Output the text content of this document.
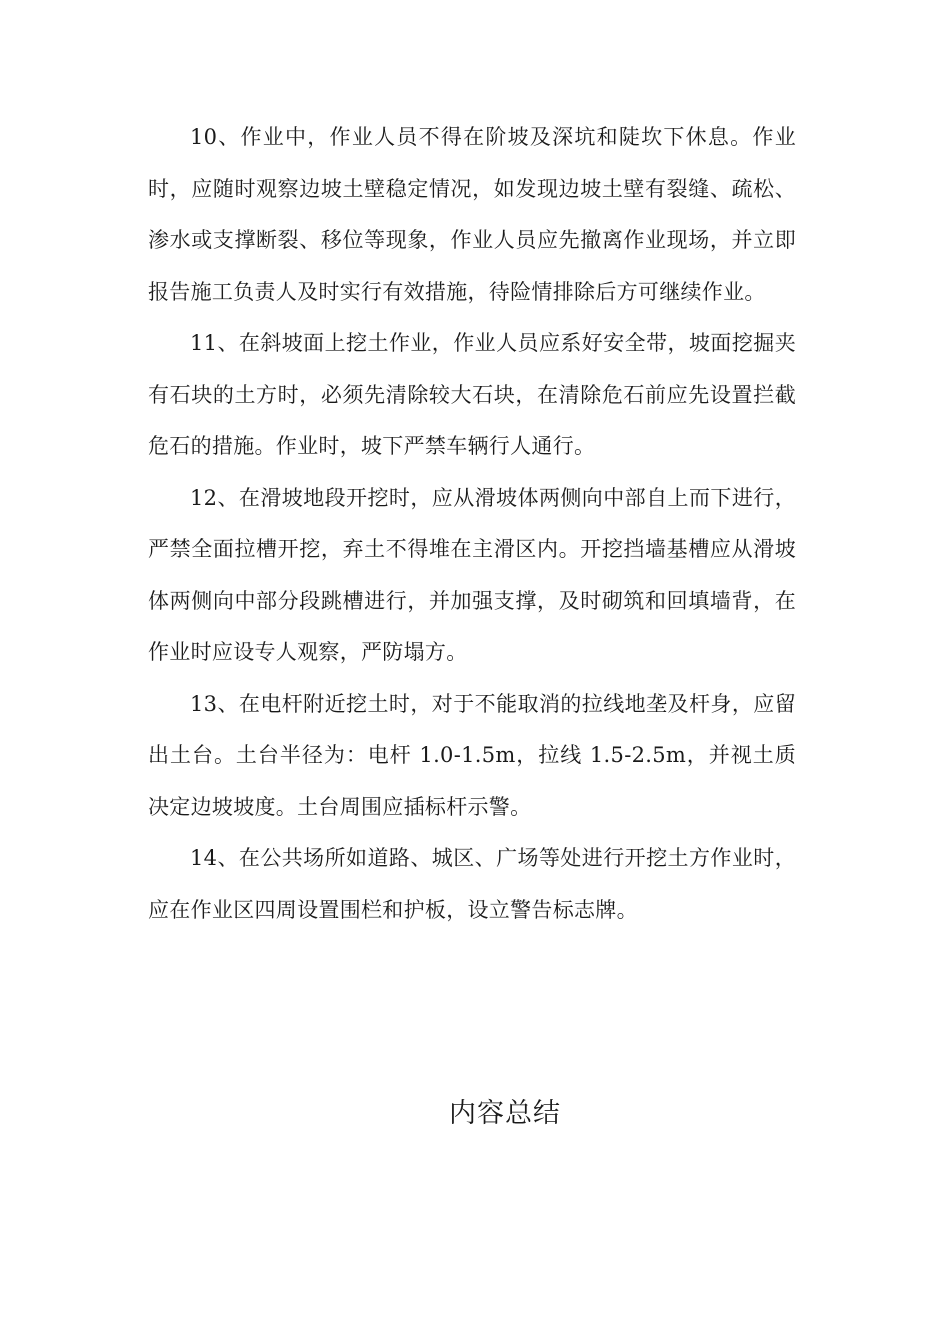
10、作业中，作业人员不得在阶坡及深坑和陡坎下休息。作业时，应随时观察边坡土壁稳定情况，如发现边坡土壁有裂缝、疏松、渗水或支撑断裂、移位等现象，作业人员应先撤离作业现场，并立即报告施工负责人及时实行有效措施，待险情排除后方可继续作业。

11、在斜坡面上挖土作业，作业人员应系好安全带，坡面挖掘夹有石块的土方时，必须先清除较大石块，在清除危石前应先设置拦截危石的措施。作业时，坡下严禁车辆行人通行。

12、在滑坡地段开挖时，应从滑坡体两侧向中部自上而下进行，严禁全面拉槽开挖，弃土不得堆在主滑区内。开挖挡墙基槽应从滑坡体两侧向中部分段跳槽进行，并加强支撑，及时砌筑和回填墙背，在作业时应设专人观察，严防塌方。

13、在电杆附近挖土时，对于不能取消的拉线地垄及杆身，应留出土台。土台半径为：电杆 1.0-1.5m，拉线 1.5-2.5m，并视土质决定边坡坡度。土台周围应插标杆示警。

14、在公共场所如道路、城区、广场等处进行开挖土方作业时，应在作业区四周设置围栏和护板，设立警告标志牌。

内容总结
